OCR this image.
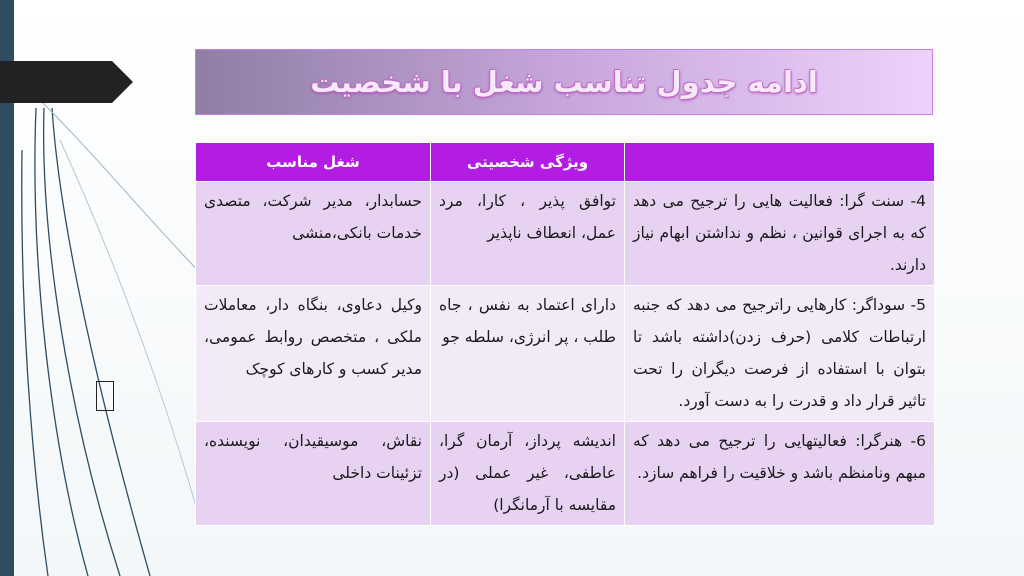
ادامه جدول تناسب شغل با شخصیت
	ویژگی شخصیتی	شغل مناسب
4- سنت گرا: فعالیت هایی را ترجیح می دهد که به اجرای قوانین ، نظم و نداشتن ابهام نیاز دارند.	توافق پذیر ، کارا، مرد عمل، انعطاف ناپذیر	حسابدار، مدیر شرکت، متصدی خدمات بانکی،منشی
5- سوداگر: کارهایی راترجیح می دهد که جنبه ارتباطات کلامی (حرف زدن)داشته باشد تا بتوان با استفاده از فرصت دیگران را تحت تاثیر قرار داد و قدرت را به دست آورد.	دارای اعتماد به نفس ، جاه طلب ، پر انرژی، سلطه جو	وکیل دعاوی، بنگاه دار، معاملات ملکی ، متخصص روابط عمومی، مدیر کسب و کارهای کوچک
6- هنرگرا: فعالیتهایی را ترجیح می دهد که مبهم ونامنظم باشد و خلاقیت را فراهم سازد.	اندیشه پرداز، آرمان گرا، عاطفی، غیر عملی (در مقایسه با آرمانگرا)	نقاش، موسیقیدان، نویسنده، تزئینات داخلی
